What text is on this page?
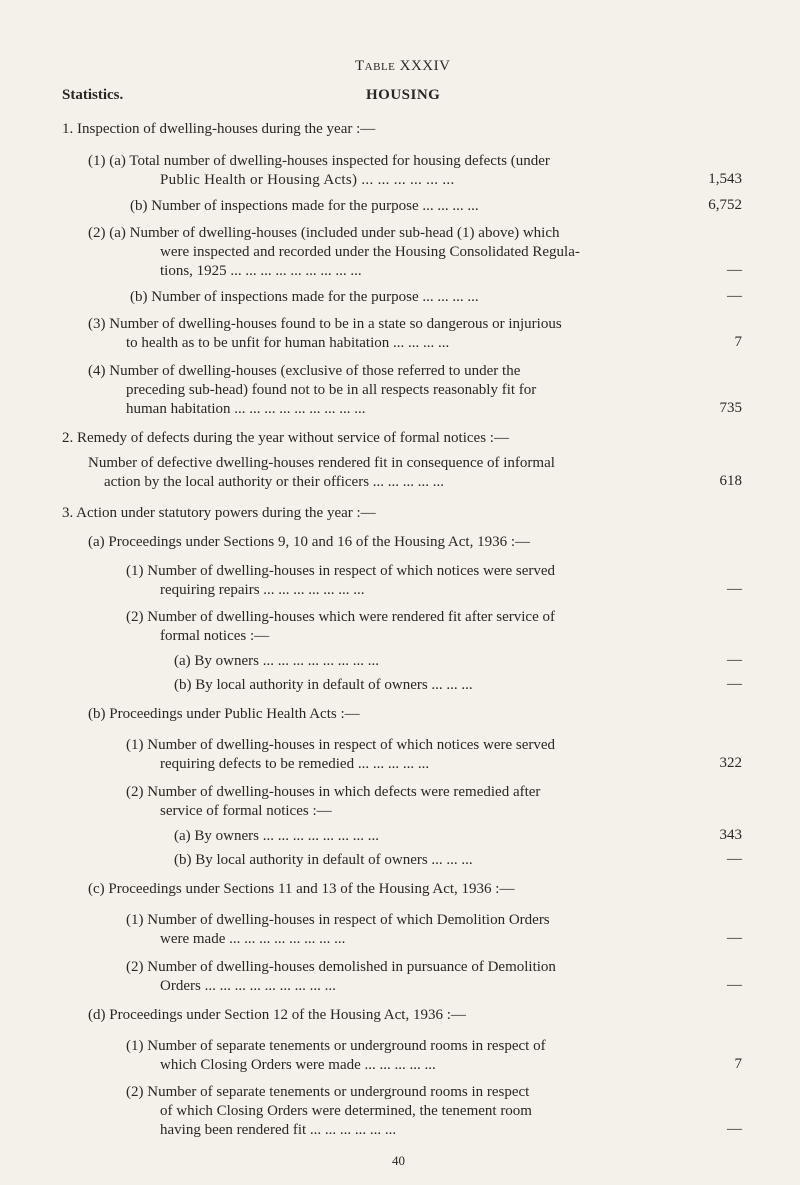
Table XXXIV
Statistics.	HOUSING
1. Inspection of dwelling-houses during the year :—
(1) (a) Total number of dwelling-houses inspected for housing defects (under
Public Health or Housing Acts) ... ... ... ... ... ...	1,543
(b) Number of inspections made for the purpose ... ... ... ...	6,752
(2) (a) Number of dwelling-houses (included under sub-head (1) above) which
were inspected and recorded under the Housing Consolidated Regula-
tions, 1925 ... ... ... ... ... ... ... ... ...	—
(b) Number of inspections made for the purpose ... ... ... ...	—
(3) Number of dwelling-houses found to be in a state so dangerous or injurious
to health as to be unfit for human habitation ... ... ... ...	7
(4) Number of dwelling-houses (exclusive of those referred to under the
preceding sub-head) found not to be in all respects reasonably fit for
human habitation ... ... ... ... ... ... ... ... ...	735
2. Remedy of defects during the year without service of formal notices :—
Number of defective dwelling-houses rendered fit in consequence of informal
action by the local authority or their officers ... ... ... ... ...	618
3. Action under statutory powers during the year :—
(a) Proceedings under Sections 9, 10 and 16 of the Housing Act, 1936 :—
(1) Number of dwelling-houses in respect of which notices were served
requiring repairs ... ... ... ... ... ... ...	—
(2) Number of dwelling-houses which were rendered fit after service of
formal notices :—
(a) By owners ... ... ... ... ... ... ... ...	—
(b) By local authority in default of owners ... ... ...	—
(b) Proceedings under Public Health Acts :—
(1) Number of dwelling-houses in respect of which notices were served
requiring defects to be remedied ... ... ... ... ...	322
(2) Number of dwelling-houses in which defects were remedied after
service of formal notices :—
(a) By owners ... ... ... ... ... ... ... ...	343
(b) By local authority in default of owners ... ... ...	—
(c) Proceedings under Sections 11 and 13 of the Housing Act, 1936 :—
(1) Number of dwelling-houses in respect of which Demolition Orders
were made ... ... ... ... ... ... ... ...	—
(2) Number of dwelling-houses demolished in pursuance of Demolition
Orders ... ... ... ... ... ... ... ... ...	—
(d) Proceedings under Section 12 of the Housing Act, 1936 :—
(1) Number of separate tenements or underground rooms in respect of
which Closing Orders were made ... ... ... ... ...	7
(2) Number of separate tenements or underground rooms in respect
of which Closing Orders were determined, the tenement room
having been rendered fit ... ... ... ... ... ...	—
40
